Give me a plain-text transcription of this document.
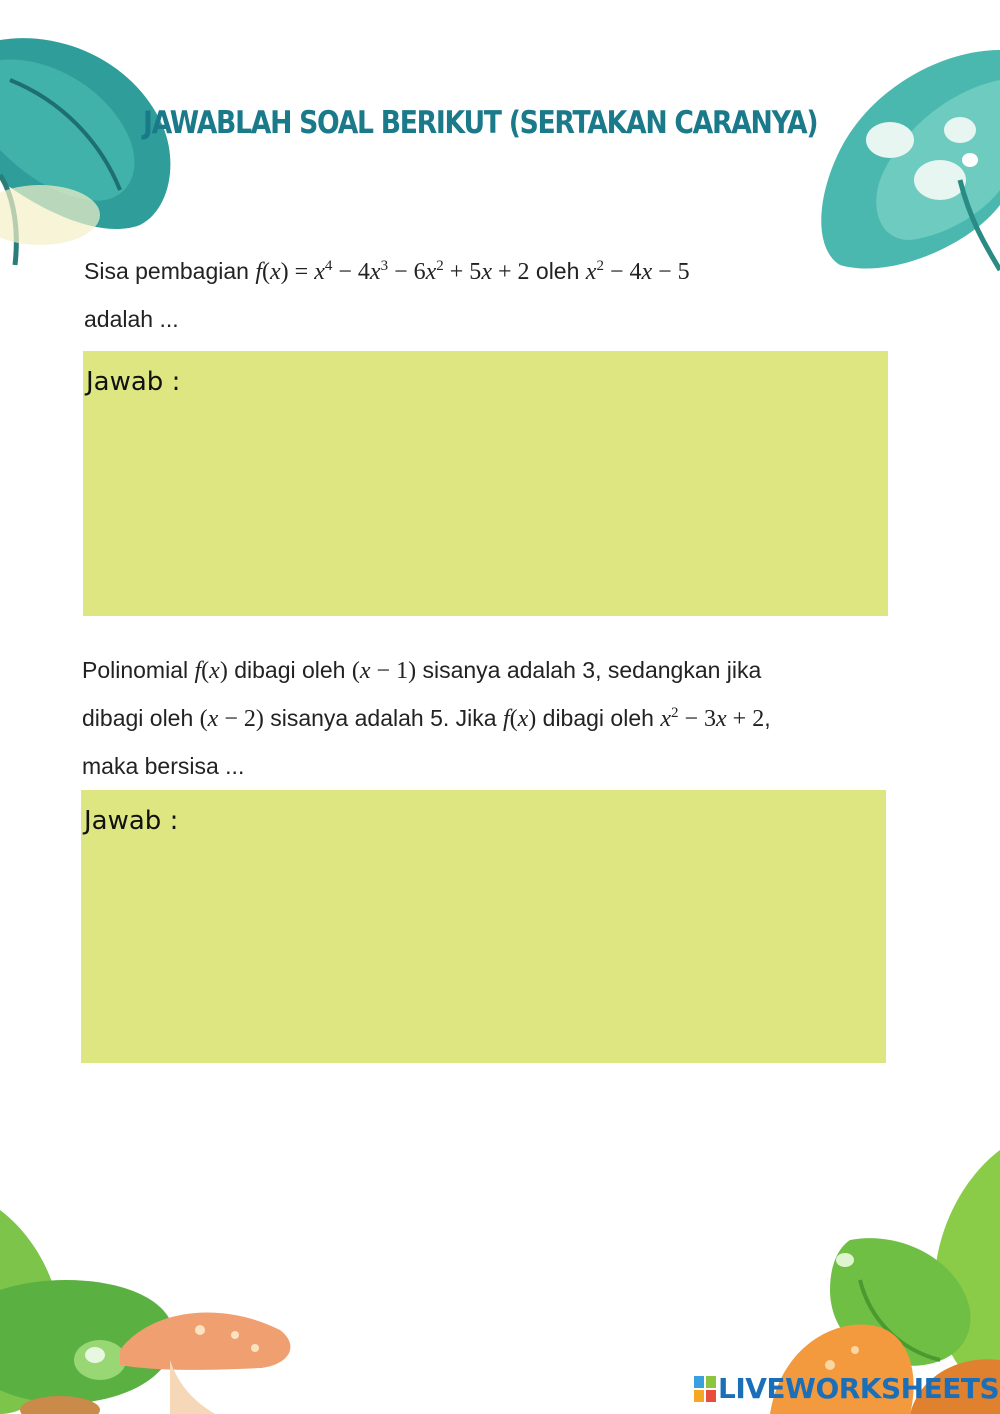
JAWABLAH SOAL BERIKUT (SERTAKAN CARANYA)
Sisa pembagian $f(x) = x^4 - 4x^3 - 6x^2 + 5x + 2$ oleh $x^2 - 4x - 5$
adalah ...
Jawab :
Polinomial f(x) dibagi oleh (x − 1) sisanya adalah 3, sedangkan jika
dibagi oleh (x − 2) sisanya adalah 5. Jika f(x) dibagi oleh $x^2 - 3x + 2$,
maka bersisa ...
Jawab :
LIVEWORKSHEETS
